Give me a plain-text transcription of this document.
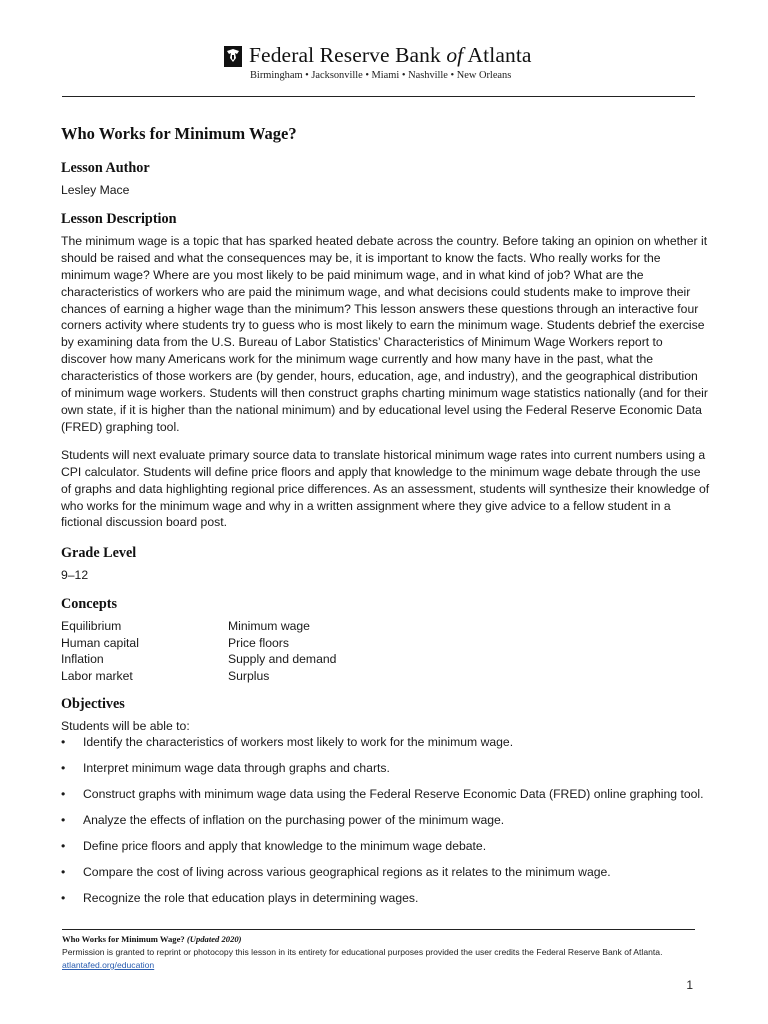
Federal Reserve Bank of Atlanta
Birmingham • Jacksonville • Miami • Nashville • New Orleans
Who Works for Minimum Wage?
Lesson Author

Lesley Mace

Lesson Description

The minimum wage is a topic that has sparked heated debate across the country. Before taking an opinion on whether it should be raised and what the consequences may be, it is important to know the facts. Who really works for the minimum wage? Where are you most likely to be paid minimum wage, and in what kind of job? What are the characteristics of workers who are paid the minimum wage, and what decisions could students make to improve their chances of earning a higher wage than the minimum? This lesson answers these questions through an interactive four corners activity where students try to guess who is most likely to earn the minimum wage. Students debrief the exercise by examining data from the U.S. Bureau of Labor Statistics’ Characteristics of Minimum Wage Workers report to discover how many Americans work for the minimum wage currently and how many have in the past, what the characteristics of those workers are (by gender, hours, education, age, and industry), and the geographical distribution of minimum wage workers. Students will then construct graphs charting minimum wage statistics nationally (and for their own state, if it is higher than the national minimum) and by educational level using the Federal Reserve Economic Data (FRED) graphing tool.

Students will next evaluate primary source data to translate historical minimum wage rates into current numbers using a CPI calculator. Students will define price floors and apply that knowledge to the minimum wage debate through the use of graphs and data highlighting regional price differences. As an assessment, students will synthesize their knowledge of who works for the minimum wage and why in a written assignment where they give advice to a fellow student in a fictional discussion board post.

Grade Level

9–12

Concepts
Equilibrium
Human capital
Inflation
Labor market
Minimum wage
Price floors
Supply and demand
Surplus
Objectives

Students will be able to:

• Identify the characteristics of workers most likely to work for the minimum wage.
• Interpret minimum wage data through graphs and charts.
• Construct graphs with minimum wage data using the Federal Reserve Economic Data (FRED) online graphing tool.
• Analyze the effects of inflation on the purchasing power of the minimum wage.
• Define price floors and apply that knowledge to the minimum wage debate.
• Compare the cost of living across various geographical regions as it relates to the minimum wage.
• Recognize the role that education plays in determining wages.
Who Works for Minimum Wage? (Updated 2020)
Permission is granted to reprint or photocopy this lesson in its entirety for educational purposes provided the user credits the Federal Reserve Bank of Atlanta.
atlantafed.org/education
1
